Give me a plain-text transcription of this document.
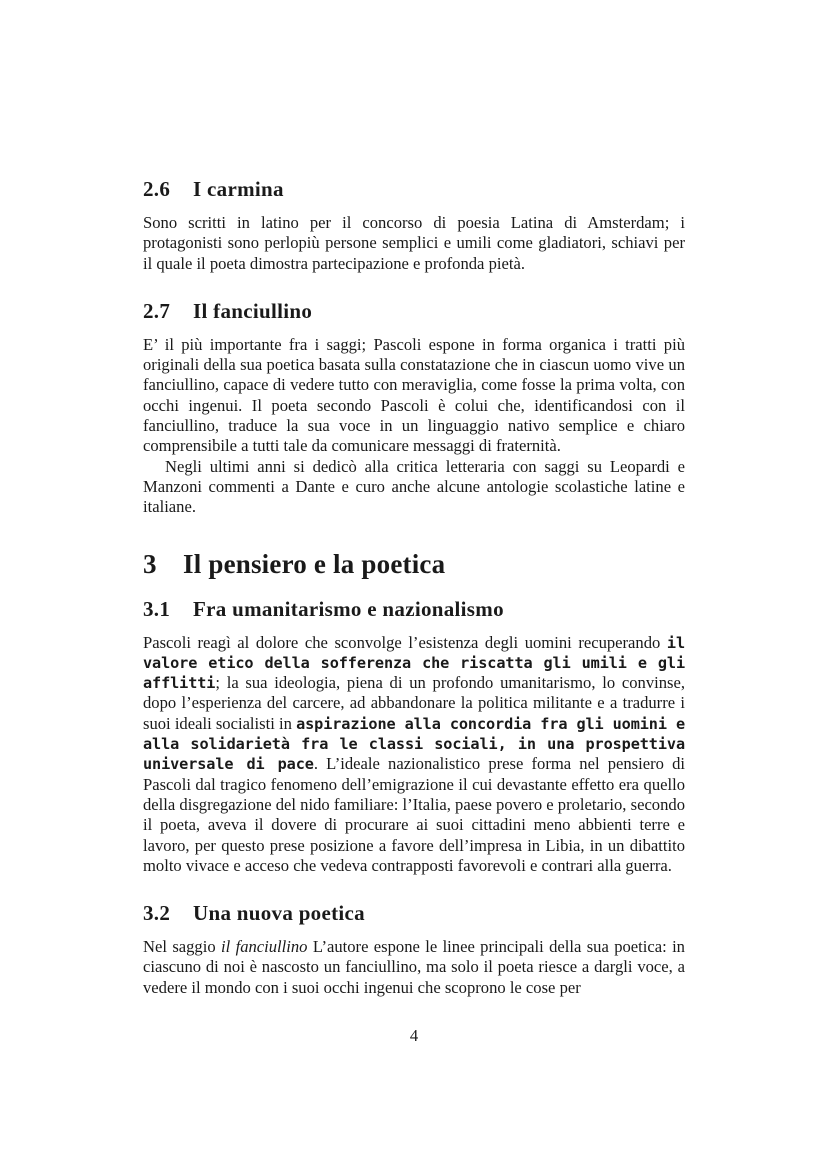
2.6 I carmina

Sono scritti in latino per il concorso di poesia Latina di Amsterdam; i protagonisti sono perlopiù persone semplici e umili come gladiatori, schiavi per il quale il poeta dimostra partecipazione e profonda pietà.

2.7 Il fanciullino

E’ il più importante fra i saggi; Pascoli espone in forma organica i tratti più originali della sua poetica basata sulla constatazione che in ciascun uomo vive un fanciullino, capace di vedere tutto con meraviglia, come fosse la prima volta, con occhi ingenui. Il poeta secondo Pascoli è colui che, identificandosi con il fanciullino, traduce la sua voce in un linguaggio nativo semplice e chiaro comprensibile a tutti tale da comunicare messaggi di fraternità.

Negli ultimi anni si dedicò alla critica letteraria con saggi su Leopardi e Manzoni commenti a Dante e curo anche alcune antologie scolastiche latine e italiane.

3 Il pensiero e la poetica
3.1 Fra umanitarismo e nazionalismo

Pascoli reagì al dolore che sconvolge l’esistenza degli uomini recuperando il valore etico della sofferenza che riscatta gli umili e gli afflitti; la sua ideologia, piena di un profondo umanitarismo, lo convinse, dopo l’esperienza del carcere, ad abbandonare la politica militante e a tradurre i suoi ideali socialisti in aspirazione alla concordia fra gli uomini e alla solidarietà fra le classi sociali, in una prospettiva universale di pace. L’ideale nazionalistico prese forma nel pensiero di Pascoli dal tragico fenomeno dell’emigrazione il cui devastante effetto era quello della disgregazione del nido familiare: l’Italia, paese povero e proletario, secondo il poeta, aveva il dovere di procurare ai suoi cittadini meno abbienti terre e lavoro, per questo prese posizione a favore dell’impresa in Libia, in un dibattito molto vivace e acceso che vedeva contrapposti favorevoli e contrari alla guerra.

3.2 Una nuova poetica

Nel saggio il fanciullino L’autore espone le linee principali della sua poetica: in ciascuno di noi è nascosto un fanciullino, ma solo il poeta riesce a dargli voce, a vedere il mondo con i suoi occhi ingenui che scoprono le cose per

4
